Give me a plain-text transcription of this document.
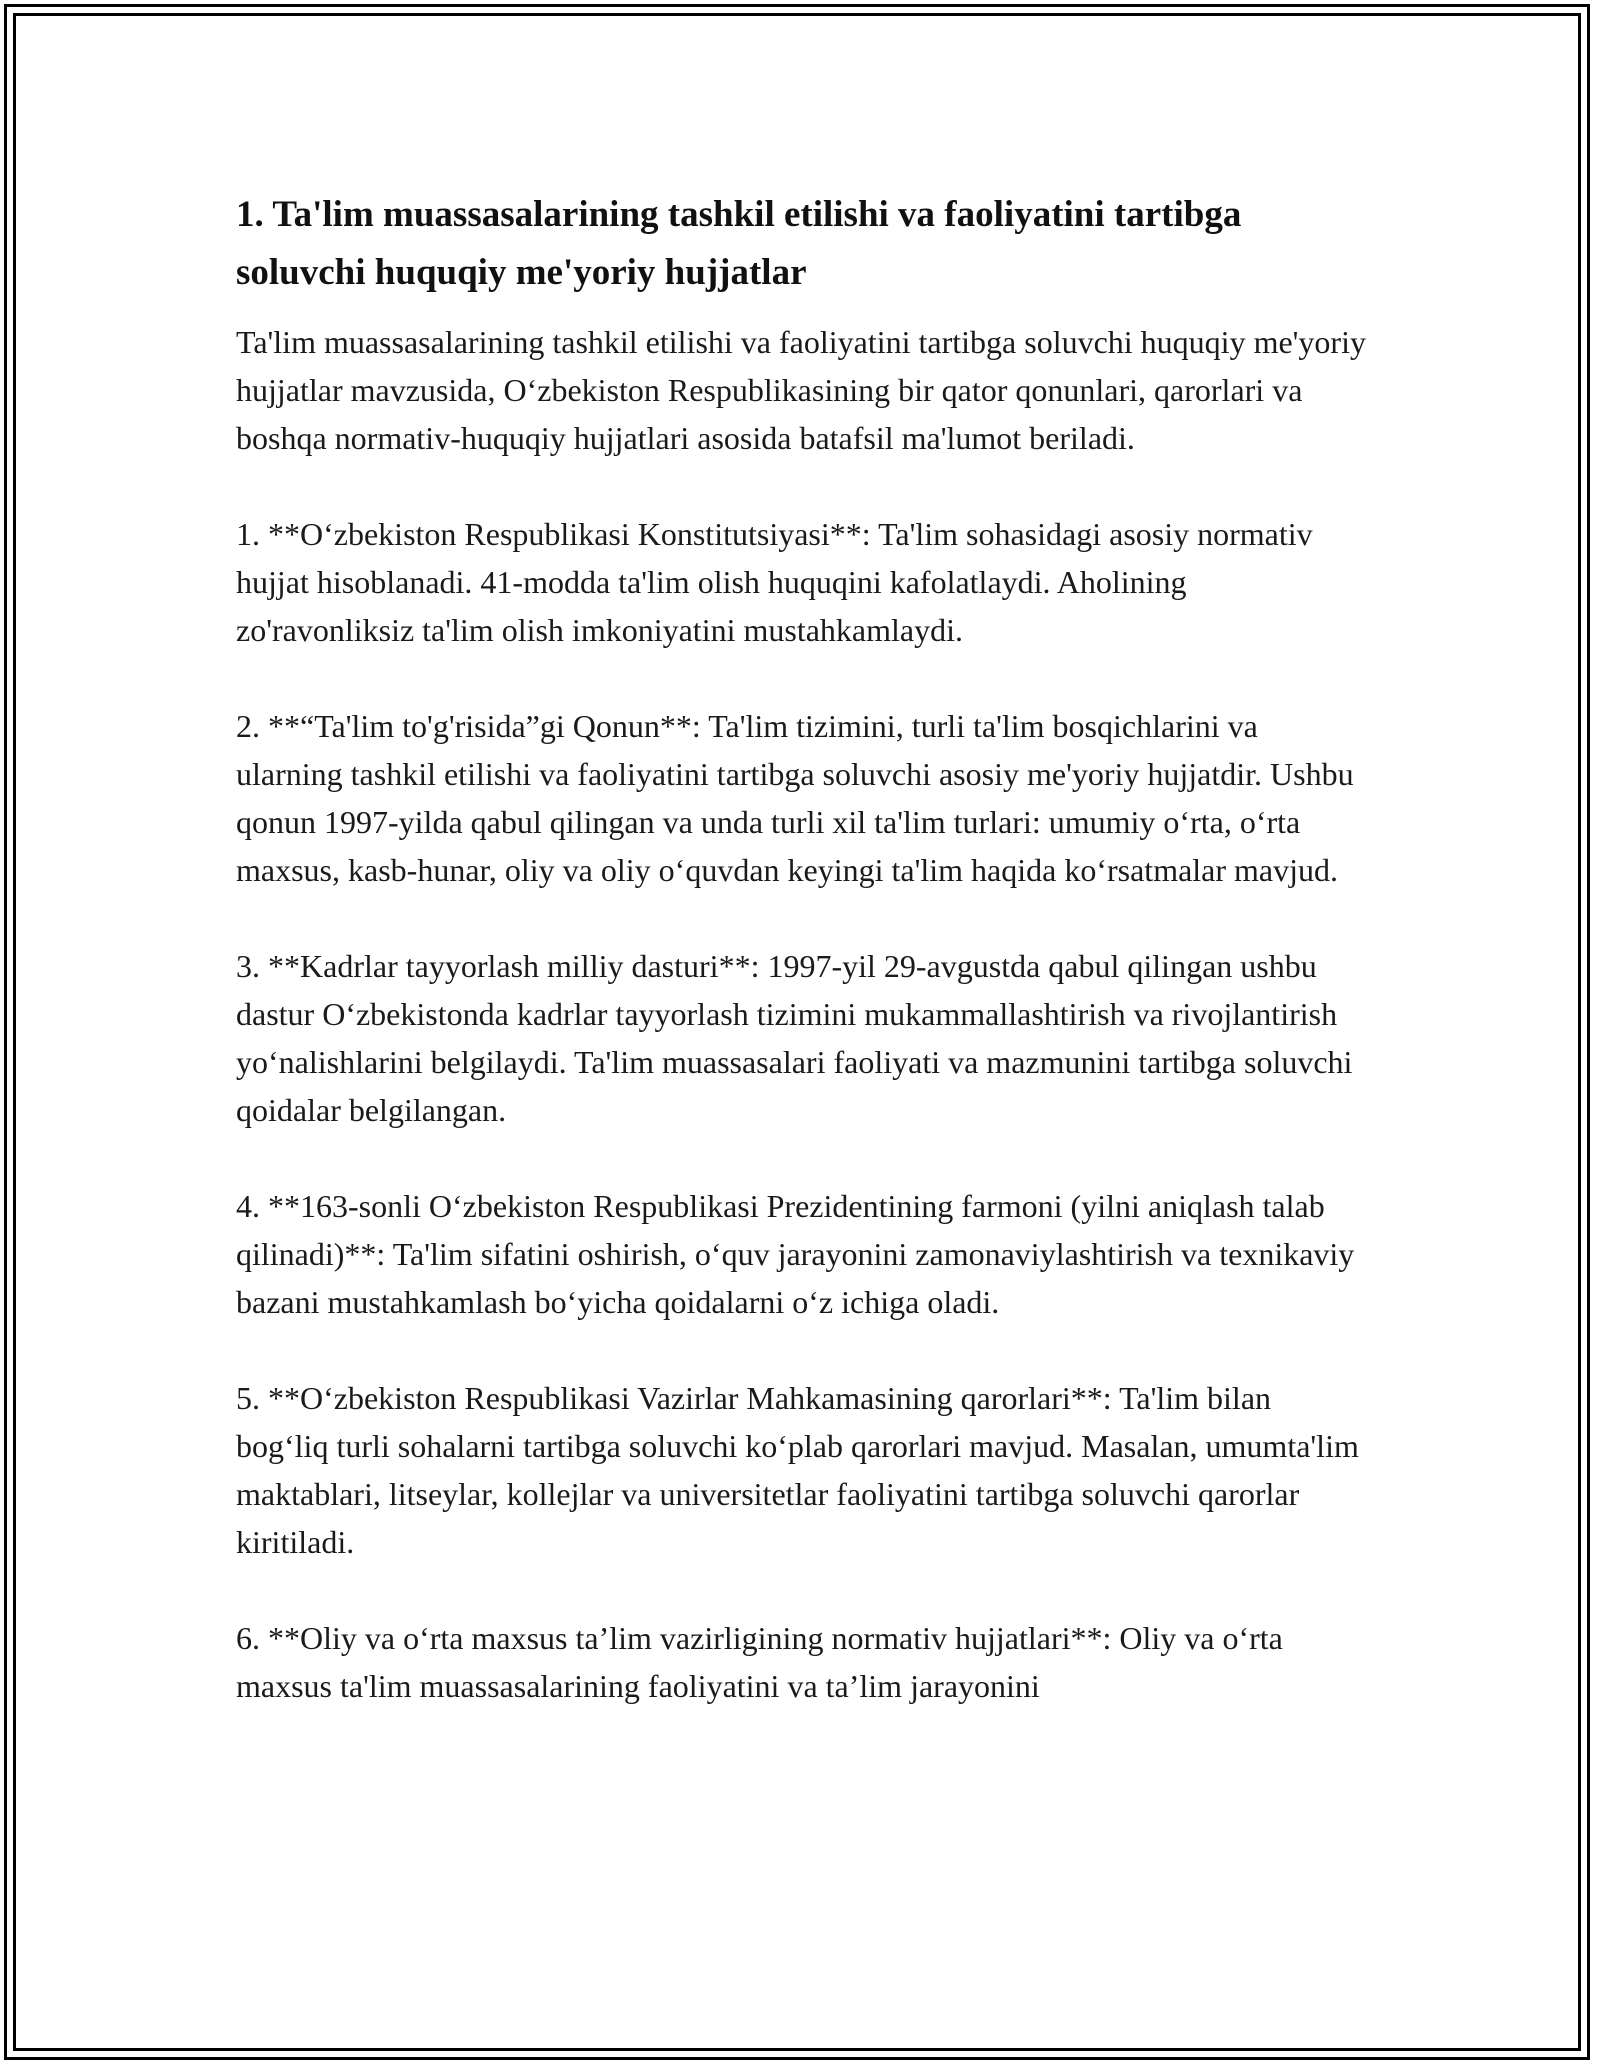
1. Ta'lim muassasalarining tashkil etilishi va faoliyatini tartibga soluvchi huquqiy me'yoriy hujjatlar

Ta'lim muassasalarining tashkil etilishi va faoliyatini tartibga soluvchi huquqiy me'yoriy hujjatlar mavzusida, O‘zbekiston Respublikasining bir qator qonunlari, qarorlari va boshqa normativ-huquqiy hujjatlari asosida batafsil ma'lumot beriladi.

1. **O‘zbekiston Respublikasi Konstitutsiyasi**: Ta'lim sohasidagi asosiy normativ hujjat hisoblanadi. 41-modda ta'lim olish huquqini kafolatlaydi. Aholining zo'ravonliksiz ta'lim olish imkoniyatini mustahkamlaydi.

2. **“Ta'lim to'g'risida”gi Qonun**: Ta'lim tizimini, turli ta'lim bosqichlarini va ularning tashkil etilishi va faoliyatini tartibga soluvchi asosiy me'yoriy hujjatdir. Ushbu qonun 1997-yilda qabul qilingan va unda turli xil ta'lim turlari: umumiy o‘rta, o‘rta maxsus, kasb-hunar, oliy va oliy o‘quvdan keyingi ta'lim haqida ko‘rsatmalar mavjud.

3. **Kadrlar tayyorlash milliy dasturi**: 1997-yil 29-avgustda qabul qilingan ushbu dastur O‘zbekistonda kadrlar tayyorlash tizimini mukammallashtirish va rivojlantirish yo‘nalishlarini belgilaydi. Ta'lim muassasalari faoliyati va mazmunini tartibga soluvchi qoidalar belgilangan.

4. **163-sonli O‘zbekiston Respublikasi Prezidentining farmoni (yilni aniqlash talab qilinadi)**: Ta'lim sifatini oshirish, o‘quv jarayonini zamonaviylashtirish va texnikaviy bazani mustahkamlash bo‘yicha qoidalarni o‘z ichiga oladi.

5. **O‘zbekiston Respublikasi Vazirlar Mahkamasining qarorlari**: Ta'lim bilan bog‘liq turli sohalarni tartibga soluvchi ko‘plab qarorlari mavjud. Masalan, umumta'lim maktablari, litseylar, kollejlar va universitetlar faoliyatini tartibga soluvchi qarorlar kiritiladi.

6. **Oliy va o‘rta maxsus ta’lim vazirligining normativ hujjatlari**: Oliy va o‘rta maxsus ta'lim muassasalarining faoliyatini va ta’lim jarayonini
